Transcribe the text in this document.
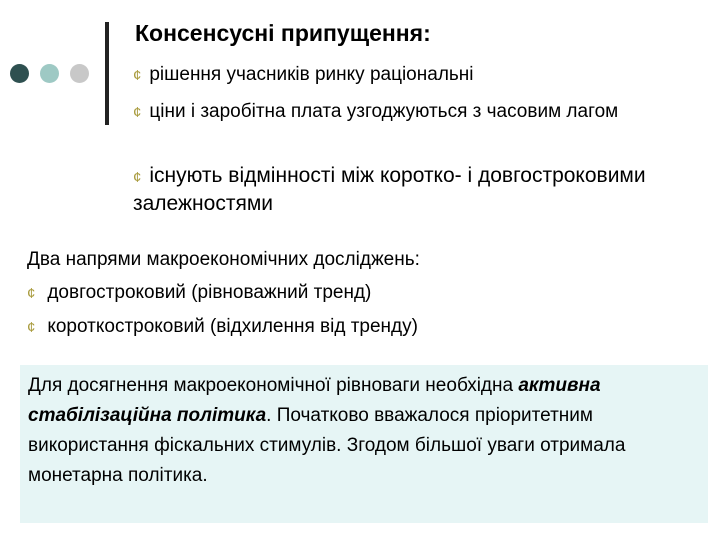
Консенсусні припущення:
¢ рішення учасників ринку раціональні
¢ ціни і заробітна плата узгоджуються з часовим лагом
¢ існують відмінності між коротко- і довгостроковими залежностями
Два напрями макроекономічних досліджень:
¢ довгостроковий (рівноважний тренд)
¢ короткостроковий (відхилення від тренду)
Для досягнення макроекономічної рівноваги необхідна активна стабілізаційна політика. Початково вважалося пріоритетним використання фіскальних стимулів. Згодом більшої уваги отримала монетарна політика.
